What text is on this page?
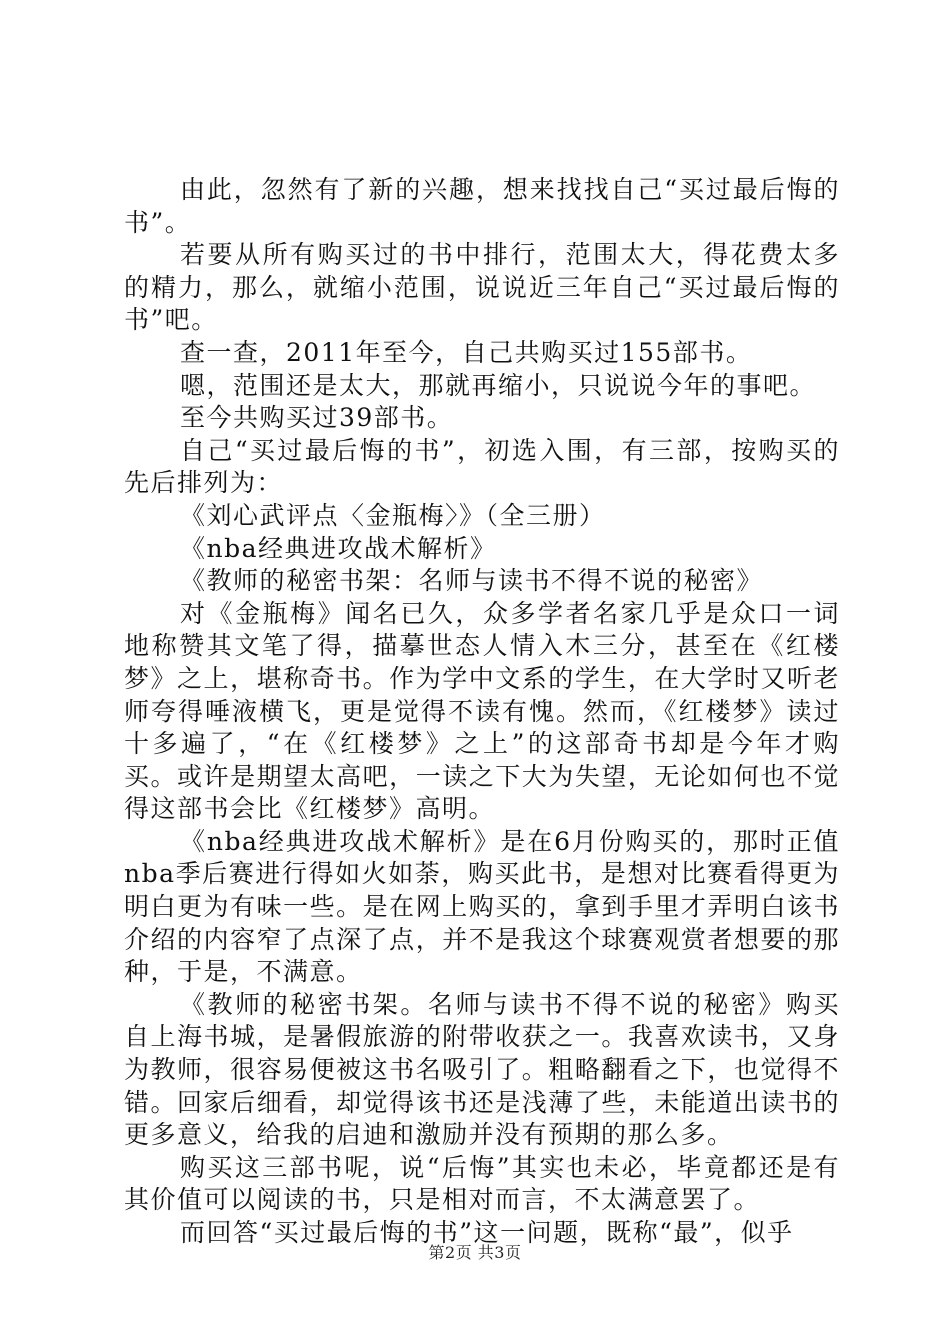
由此，忽然有了新的兴趣，想来找找自己“买过最后悔的书”。

若要从所有购买过的书中排行，范围太大，得花费太多的精力，那么，就缩小范围，说说近三年自己“买过最后悔的书”吧。

查一查，2011年至今，自己共购买过155部书。

嗯，范围还是太大，那就再缩小，只说说今年的事吧。

至今共购买过39部书。

自己“买过最后悔的书”，初选入围，有三部，按购买的先后排列为：

《刘心武评点〈金瓶梅〉》（全三册）

《nba经典进攻战术解析》

《教师的秘密书架：名师与读书不得不说的秘密》

对《金瓶梅》闻名已久，众多学者名家几乎是众口一词地称赞其文笔了得，描摹世态人情入木三分，甚至在《红楼梦》之上，堪称奇书。作为学中文系的学生，在大学时又听老师夸得唾液横飞，更是觉得不读有愧。然而，《红楼梦》读过十多遍了，“在《红楼梦》之上”的这部奇书却是今年才购买。或许是期望太高吧，一读之下大为失望，无论如何也不觉得这部书会比《红楼梦》高明。

《nba经典进攻战术解析》是在6月份购买的，那时正值nba季后赛进行得如火如荼，购买此书，是想对比赛看得更为明白更为有味一些。是在网上购买的，拿到手里才弄明白该书介绍的内容窄了点深了点，并不是我这个球赛观赏者想要的那种，于是，不满意。

《教师的秘密书架。名师与读书不得不说的秘密》购买自上海书城，是暑假旅游的附带收获之一。我喜欢读书，又身为教师，很容易便被这书名吸引了。粗略翻看之下，也觉得不错。回家后细看，却觉得该书还是浅薄了些，未能道出读书的更多意义，给我的启迪和激励并没有预期的那么多。

购买这三部书呢，说“后悔”其实也未必，毕竟都还是有其价值可以阅读的书，只是相对而言，不太满意罢了。

而回答“买过最后悔的书”这一问题，既称“最”，似乎

第2页 共3页
